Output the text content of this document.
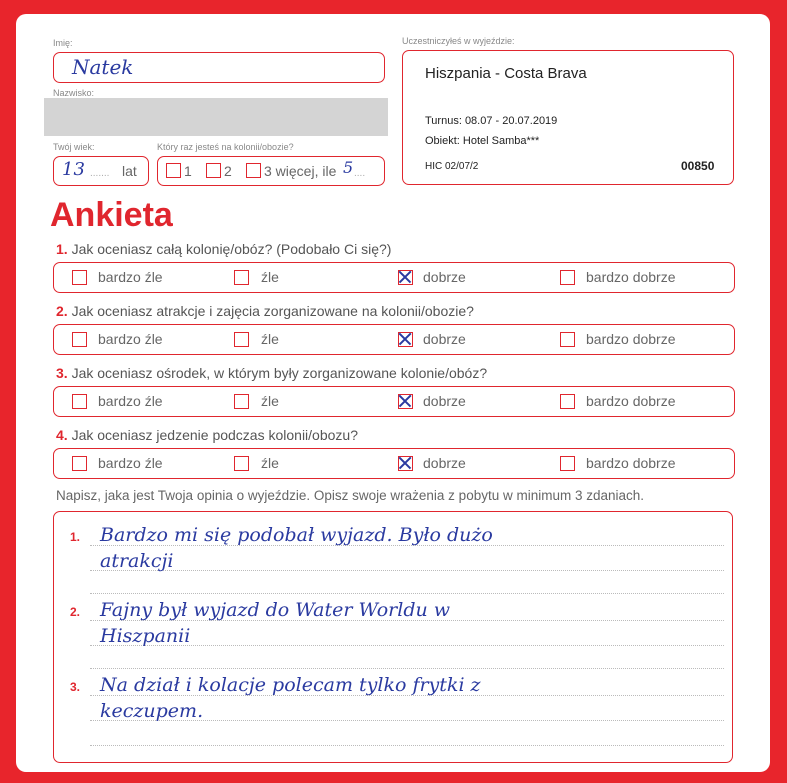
Imię:
Natek
Nazwisko:
Twój wiek:
13 ....... lat
Który raz jesteś na kolonii/obozie?
1 2 3 więcej, ile 5 ....
Uczestniczyłeś w wyjeździe:
Hiszpania - Costa Brava
Turnus: 08.07 - 20.07.2019
Obiekt: Hotel Samba***
HIC 02/07/2	00850
Ankieta
1. Jak oceniasz całą kolonię/obóz? (Podobało Ci się?)
bardzo źle	źle	dobrze	bardzo dobrze
2. Jak oceniasz atrakcje i zajęcia zorganizowane na kolonii/obozie?
bardzo źle	źle	dobrze	bardzo dobrze
3. Jak oceniasz ośrodek, w którym były zorganizowane kolonie/obóz?
bardzo źle	źle	dobrze	bardzo dobrze
4. Jak oceniasz jedzenie podczas kolonii/obozu?
bardzo źle	źle	dobrze	bardzo dobrze
Napisz, jaka jest Twoja opinia o wyjeździe. Opisz swoje wrażenia z pobytu w minimum 3 zdaniach.
1. Bardzo mi się podobał wyjazd. Było dużo
atrakcji
2. Fajny był wyjazd do Water Worldu w
Hiszpanii
3. Na dział i kolacje polecam tylko frytki z
keczupem.
